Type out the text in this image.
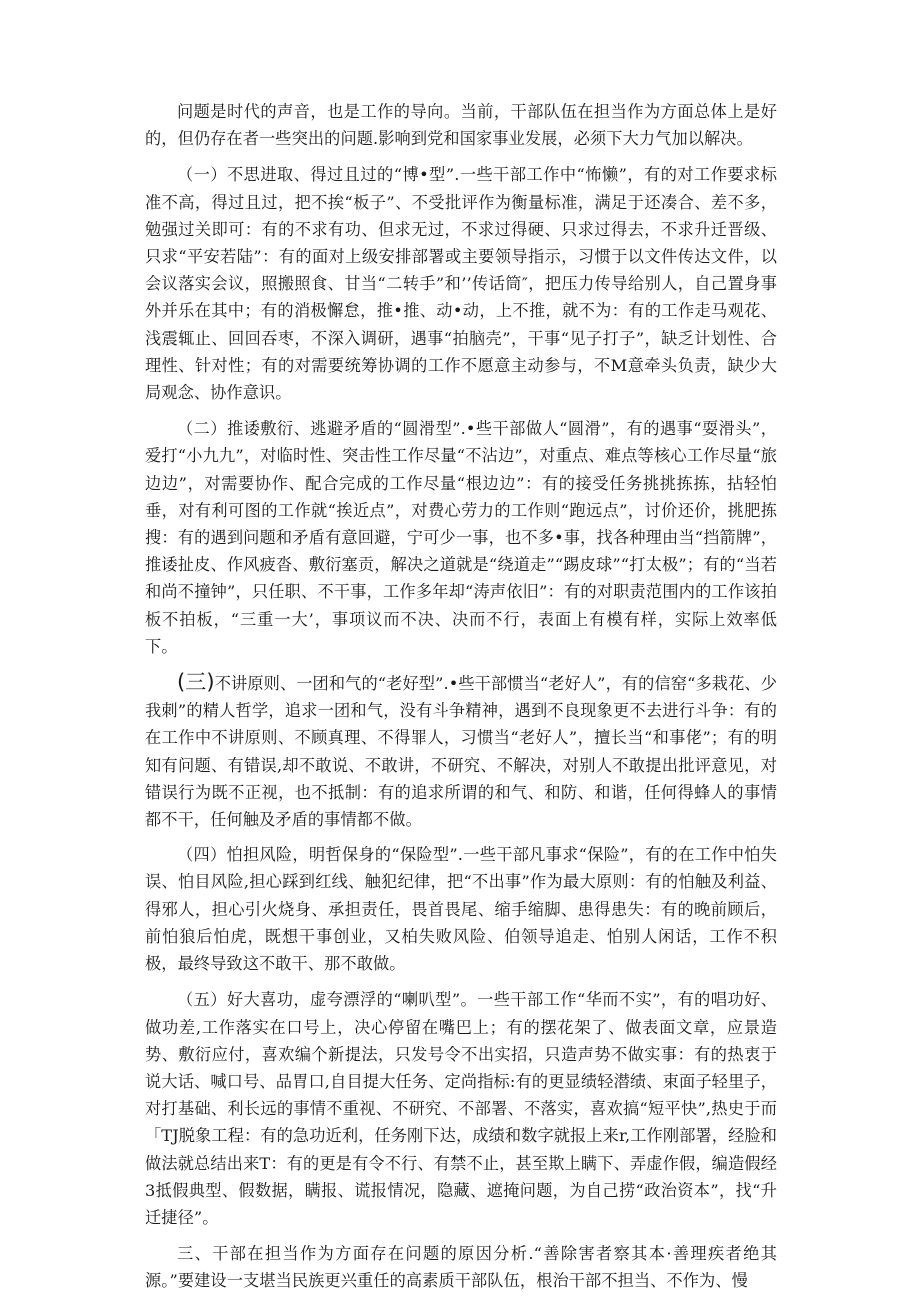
问题是时代的声音，也是工作的导向。当前，干部队伍在担当作为方面总体上是好的，但仍存在者一些突出的问题.影响到党和国家事业发展，必须下大力气加以解决。

（一）不思进取、得过且过的“博•型”.一些干部工作中“怖懒”，有的对工作要求标准不高，得过且过，把不挨“板子”、不受批评作为衡量标准，满足于还凑合、差不多，勉强过关即可：有的不求有功、但求无过，不求过得硬、只求过得去，不求升迁晋级、只求“平安若陆”：有的面对上级安排部署或主要领导指示，习惯于以文件传达文件，以会议落实会议，照搬照食、甘当“二转手”和’’传话筒″，把压力传导给别人，自己置身事外并乐在其中；有的消极懈怠，推•推、动•动，上不推，就不为：有的工作走马观花、浅震辄止、回回吞枣，不深入调研，遇事“拍脑壳”，干事“见子打子”，缺乏计划性、合理性、针对性；有的对需要统筹协调的工作不愿意主动参与，不M意牵头负责，缺少大局观念、协作意识。

（二）推诿敷衍、逃避矛盾的“圆滑型”.•些干部做人“圆滑”，有的遇事“耍滑头”，爱打“小九九”，对临时性、突击性工作尽量“不沾边”，对重点、难点等核心工作尽量“旅边边”，对需要协作、配合完成的工作尽量“根边边”：有的接受任务挑挑拣拣，拈轻怕垂，对有利可图的工作就“挨近点”，对费心劳力的工作则“跑远点”，讨价还价，挑肥拣搜：有的遇到问题和矛盾有意回避，宁可少一事，也不多•事，找各种理由当“挡箭牌”，推诿扯皮、作风疲沓、敷衍塞贡，解决之道就是“绕道走”“踢皮球”“打太极”；有的“当若和尚不撞钟”，只任职、不干事，工作多年却“涛声依旧”：有的对职责范围内的工作该拍板不拍板，“三重一大’，事项议而不决、决而不行，表面上有模有样，实际上效率低下。

(三)不讲原则、一团和气的“老好型”.•些干部惯当“老好人”，有的信窑“多栽花、少我刺”的精人哲学，追求一团和气，没有斗争精神，遇到不良现象更不去进行斗争：有的在工作中不讲原则、不顾真理、不得罪人，习惯当“老好人”，擅长当“和事佬”；有的明知有问题、有错误,却不敢说、不敢讲，不研究、不解决，对别人不敢提出批评意见，对错误行为既不正视，也不抵制：有的追求所谓的和气、和防、和谐，任何得蜂人的事情都不干，任何触及矛盾的事情都不做。

（四）怕担风险，明哲保身的“保险型”.一些干部凡事求“保险”，有的在工作中怕失误、怕目风险,担心踩到红线、触犯纪律，把“不出事”作为最大原则：有的怕触及利益、得邪人，担心引火烧身、承担责任，畏首畏尾、缩手缩脚、患得患失：有的晚前顾后，前怕狼后怕虎，既想干事创业，又柏失败风险、伯领导追走、怕别人闲话，工作不积极，最终导致这不敢干、那不敢做。

（五）好大喜功，虚夸漂浮的“喇叭型”。一些干部工作“华而不实”，有的唱功好、做功差,工作落实在口号上，决心停留在嘴巴上；有的摆花架了、做表面文章，应景造势、敷衍应付，喜欢编个新提法，只发号令不出实招，只造声势不做实事：有的热衷于说大话、喊口号、品胃口,自目提大任务、定尚指标:有的更显绩轻潜绩、束面子轻里子，对打基础、利长远的事情不重视、不研究、不部署、不落实，喜欢搞“短平快”,热史于而「TJ脱象工程：有的急功近利，任务刚下达，成绩和数字就报上来r,工作刚部署，经脸和做法就总结出来T：有的更是有令不行、有禁不止，甚至欺上瞒下、弄虚作假，编造假经3抵假典型、假数据，瞒报、谎报情况，隐藏、遮掩问题，为自己捞“政治资本”，找“升迁捷径”。

三、干部在担当作为方面存在问题的原因分析.“善除害者察其本·善理疾者绝其源。”要建设一支堪当民族更兴重任的高素质干部队伍，根治干部不担当、不作为、慢
